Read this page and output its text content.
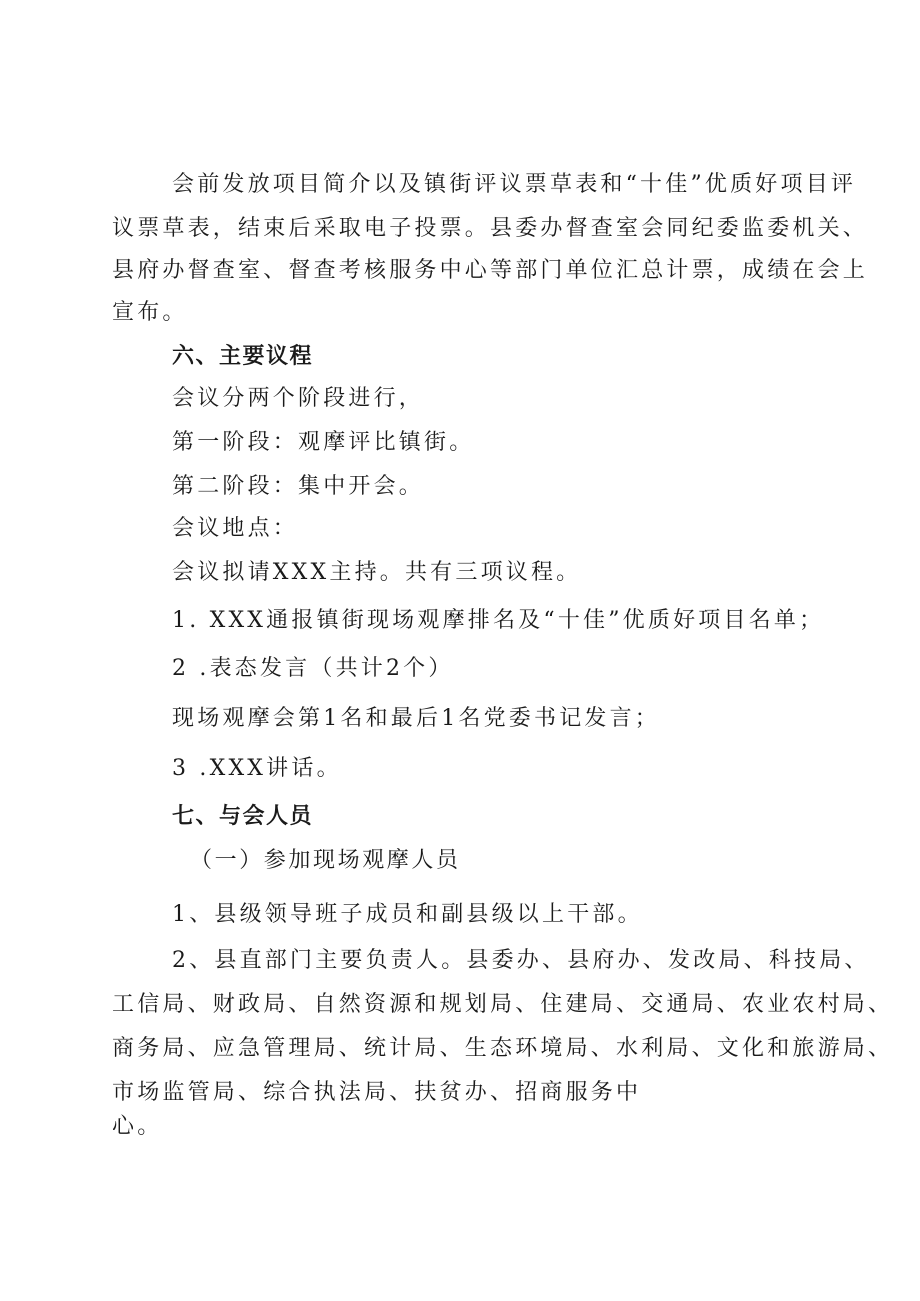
会前发放项目简介以及镇街评议票草表和“十佳”优质好项目评
议票草表，结束后采取电子投票。县委办督查室会同纪委监委机关、
县府办督查室、督查考核服务中心等部门单位汇总计票，成绩在会上
宣布。
六、主要议程
会议分两个阶段进行，
第一阶段：观摩评比镇街。
第二阶段：集中开会。
会议地点：
会议拟请XXX主持。共有三项议程。
1. XXX通报镇街现场观摩排名及“十佳”优质好项目名单；
2 .表态发言（共计2个）
现场观摩会第1名和最后1名党委书记发言；
3 .XXX讲话。
七、与会人员
（一）参加现场观摩人员
1、县级领导班子成员和副县级以上干部。
2、县直部门主要负责人。县委办、县府办、发改局、科技局、
工信局、财政局、自然资源和规划局、住建局、交通局、农业农村局、
商务局、应急管理局、统计局、生态环境局、水利局、文化和旅游局、
市场监管局、综合执法局、扶贫办、招商服务中
心。
